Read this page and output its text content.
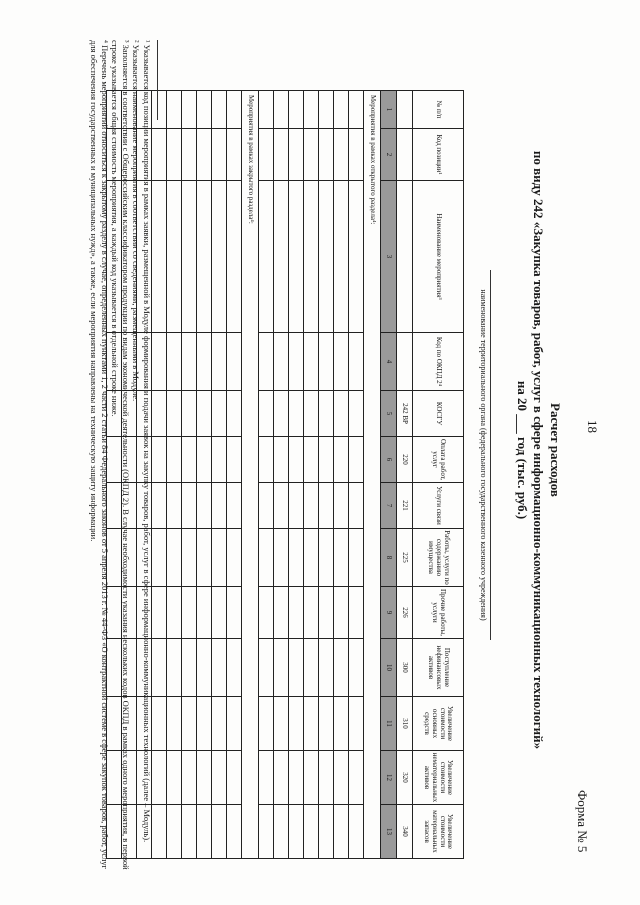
18
Форма № 5
Расчет расходов
по виду 242 «Закупка товаров, работ, услуг в сфере информационно-коммуникационных технологий»
на 20 ___ год (тыс. руб.)
наименование территориального органа (федерального государственного казенного учреждения)
№ п/п	Код позиции¹	Наименование мероприятия³	Код по ОКПД 2⁴	КОСГУ	Оплата работ, услуг	Услуги связи	Работы, услуги по содержанию имущества	Прочие работы, услуги	Поступление нефинансовых активов	Увеличение стоимости основных средств	Увеличение стоимости нематериальных активов	Увеличение стоимости материальных запасов
				242 ВР	220	221	225	226	300	310	320	340
1	2	3	4	5	6	7	8	9	10	11	12	13
Мероприятия в рамках открытого раздела⁴:												

Мероприятия в рамках закрытого раздела⁴:												

¹ Указывается код позиции мероприятия в рамках заявки, размещенной в Модуле формирования и подачи заявок на закупку товаров, работ, услуг в сфере информационно-коммуникационных технологий (далее – Модуль).

² Указывается наименование мероприятия в соответствии со сведениями, размещенными в Модуле.

³ Заполняется в соответствии с Общероссийским классификатором продукции по видам экономической деятельности (ОКПД 2). В случае необходимости указания нескольких кодов ОКПД в рамках одного мероприятия, в первой строке указывается общая стоимость мероприятия, а каждый код указывается в отдельной строке ниже.

⁴ Перечень мероприятий относиться к закрытому разделу в случае, определенных пунктами 1, 2 части 2 статьи 84 Федерального законов от 5 апреля 2013 г. № 44-ФЗ «О контрактной системе в сфере закупок товаров, работ, услуг для обеспечения государственных и муниципальных нужд», а также, если мероприятия направлены на техническую защиту информации.
